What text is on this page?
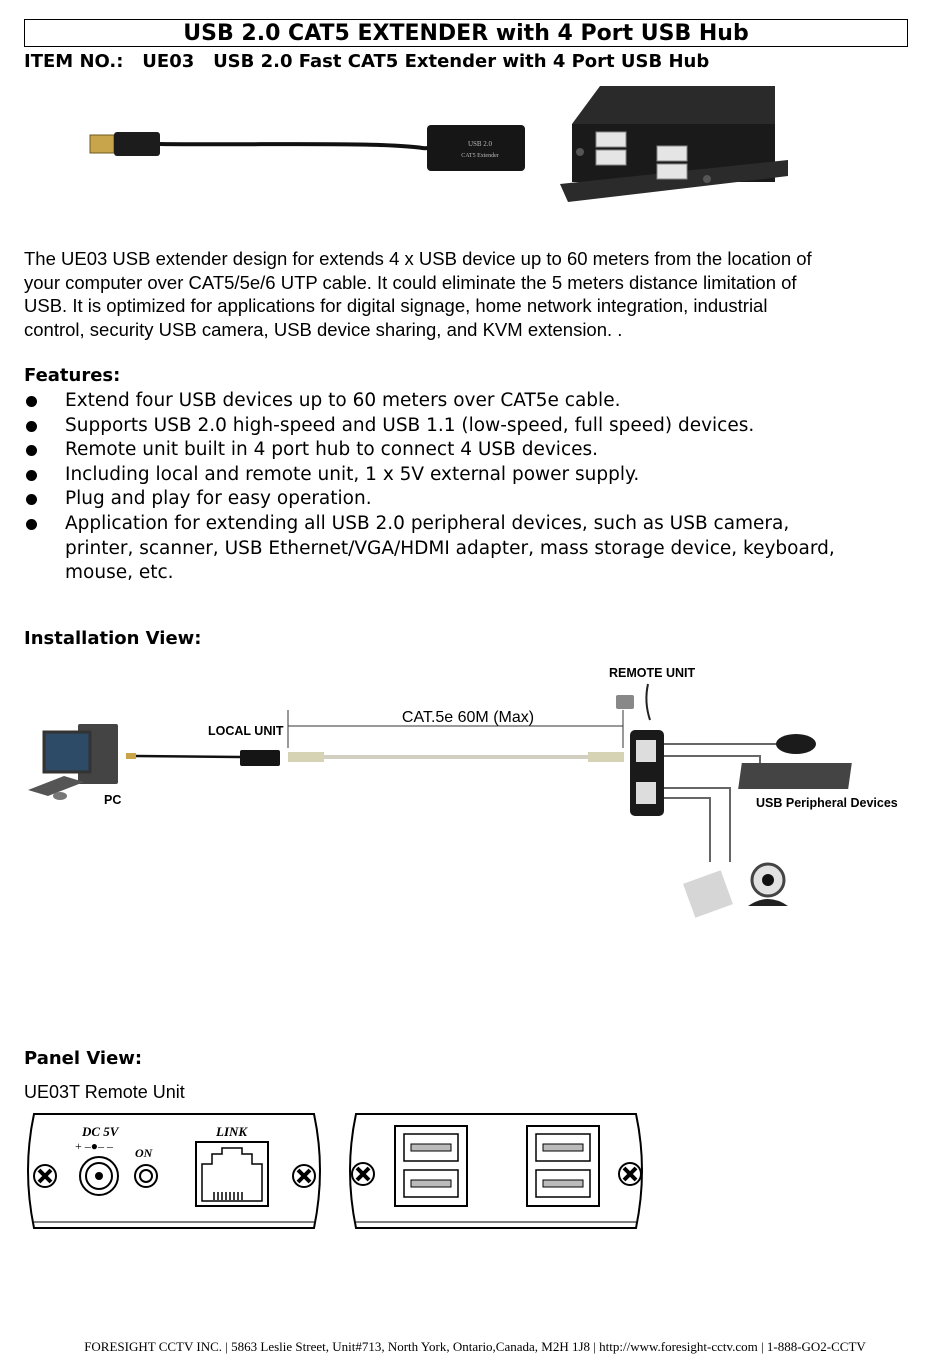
USB 2.0 CAT5 EXTENDER with 4 Port USB Hub
ITEM NO.: UE03 USB 2.0 Fast CAT5 Extender with 4 Port USB Hub
USB 2.0
CAT5 Extender
The UE03 USB extender design for extends 4 x USB device up to 60 meters from the location of
your computer over CAT5/5e/6 UTP cable. It could eliminate the 5 meters distance limitation of
USB. It is optimized for applications for digital signage, home network integration, industrial
control, security USB camera, USB device sharing, and KVM extension. .
Features:
Extend four USB devices up to 60 meters over CAT5e cable.
Supports USB 2.0 high-speed and USB 1.1 (low-speed, full speed) devices.
Remote unit built in 4 port hub to connect 4 USB devices.
Including local and remote unit, 1 x 5V external power supply.
Plug and play for easy operation.
Application for extending all USB 2.0 peripheral devices, such as USB camera,
printer, scanner, USB Ethernet/VGA/HDMI adapter, mass storage device, keyboard,
mouse, etc.
Installation View:
PC
LOCAL UNIT
CAT.5e 60M (Max)
REMOTE UNIT
USB Peripheral Devices
Panel View:
UE03T Remote Unit
DC 5V
+ –●– – ON
LINK
FORESIGHT CCTV INC. | 5863 Leslie Street, Unit#713, North York, Ontario,Canada, M2H 1J8 | http://www.foresight-cctv.com | 1-888-GO2-CCTV
